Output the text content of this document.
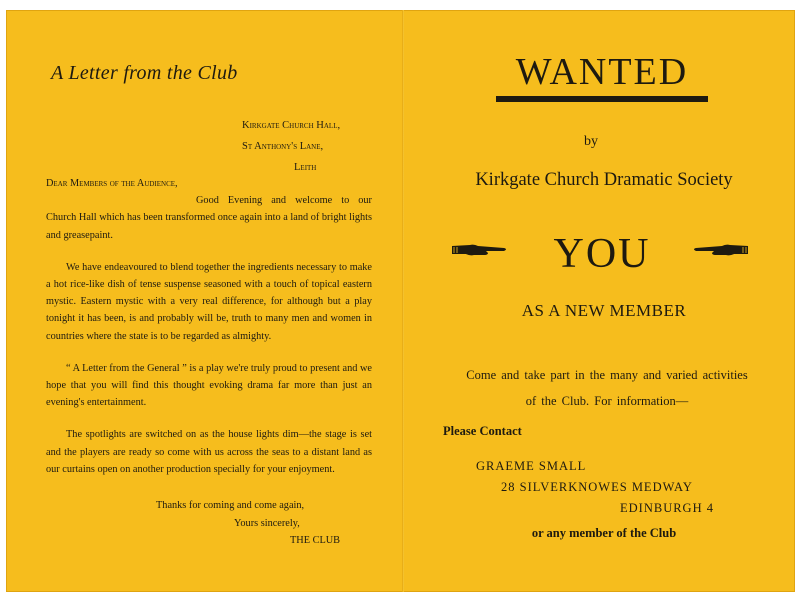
A Letter from the Club
Kirkgate Church Hall,
St Anthony's Lane,
Leith

Dear Members of the Audience,

Good Evening and welcome to our Church Hall which has been transformed once again into a land of bright lights and greasepaint.

We have endeavoured to blend together the ingredients necessary to make a hot rice-like dish of tense suspense seasoned with a touch of topical eastern mystic. Eastern mystic with a very real difference, for although but a play tonight it has been, is and probably will be, truth to many men and women in countries where the state is to be regarded as almighty.

“ A Letter from the General ” is a play we're truly proud to present and we hope that you will find this thought evoking drama far more than just an evening's entertainment.

The spotlights are switched on as the house lights dim—the stage is set and the players are ready so come with us across the seas to a distant land as our curtains open on another production specially for your enjoyment.

Thanks for coming and come again,
Yours sincerely,
THE CLUB
WANTED
by
Kirkgate Church Dramatic Society
YOU
AS A NEW MEMBER
Come and take part in the many and varied activities
of the Club. For information—
Please Contact
GRAEME SMALL
28 SILVERKNOWES MEDWAY
EDINBURGH 4
or any member of the Club
